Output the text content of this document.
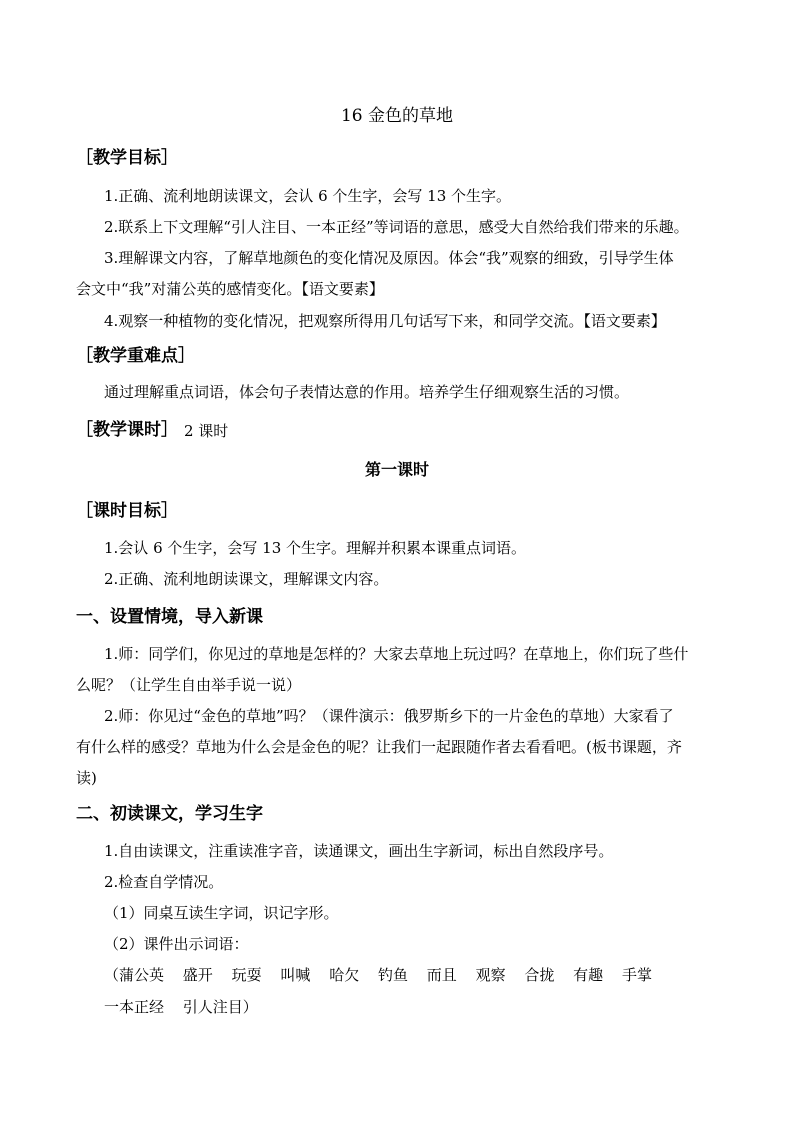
16 金色的草地
［教学目标］
1.正确、流利地朗读课文，会认 6 个生字，会写 13 个生字。
2.联系上下文理解“引人注目、一本正经”等词语的意思，感受大自然给我们带来的乐趣。
3.理解课文内容，了解草地颜色的变化情况及原因。体会“我”观察的细致，引导学生体
会文中“我”对蒲公英的感情变化。【语文要素】
4.观察一种植物的变化情况，把观察所得用几句话写下来，和同学交流。【语文要素】
［教学重难点］
通过理解重点词语，体会句子表情达意的作用。培养学生仔细观察生活的习惯。
［教学课时］ 2 课时
第一课时
［课时目标］
1.会认 6 个生字，会写 13 个生字。理解并积累本课重点词语。
2.正确、流利地朗读课文，理解课文内容。
一、设置情境，导入新课
1.师：同学们，你见过的草地是怎样的？大家去草地上玩过吗？在草地上，你们玩了些什
么呢？（让学生自由举手说一说）
2.师：你见过“金色的草地”吗？（课件演示：俄罗斯乡下的一片金色的草地）大家看了
有什么样的感受？草地为什么会是金色的呢？让我们一起跟随作者去看看吧。(板书课题，齐
读)
二、初读课文，学习生字
1.自由读课文，注重读准字音，读通课文，画出生字新词，标出自然段序号。
2.检查自学情况。
（1）同桌互读生字词，识记字形。
（2）课件出示词语：
（蒲公英 盛开 玩耍 叫喊 哈欠 钓鱼 而且 观察 合拢 有趣 手掌
一本正经 引人注目）
